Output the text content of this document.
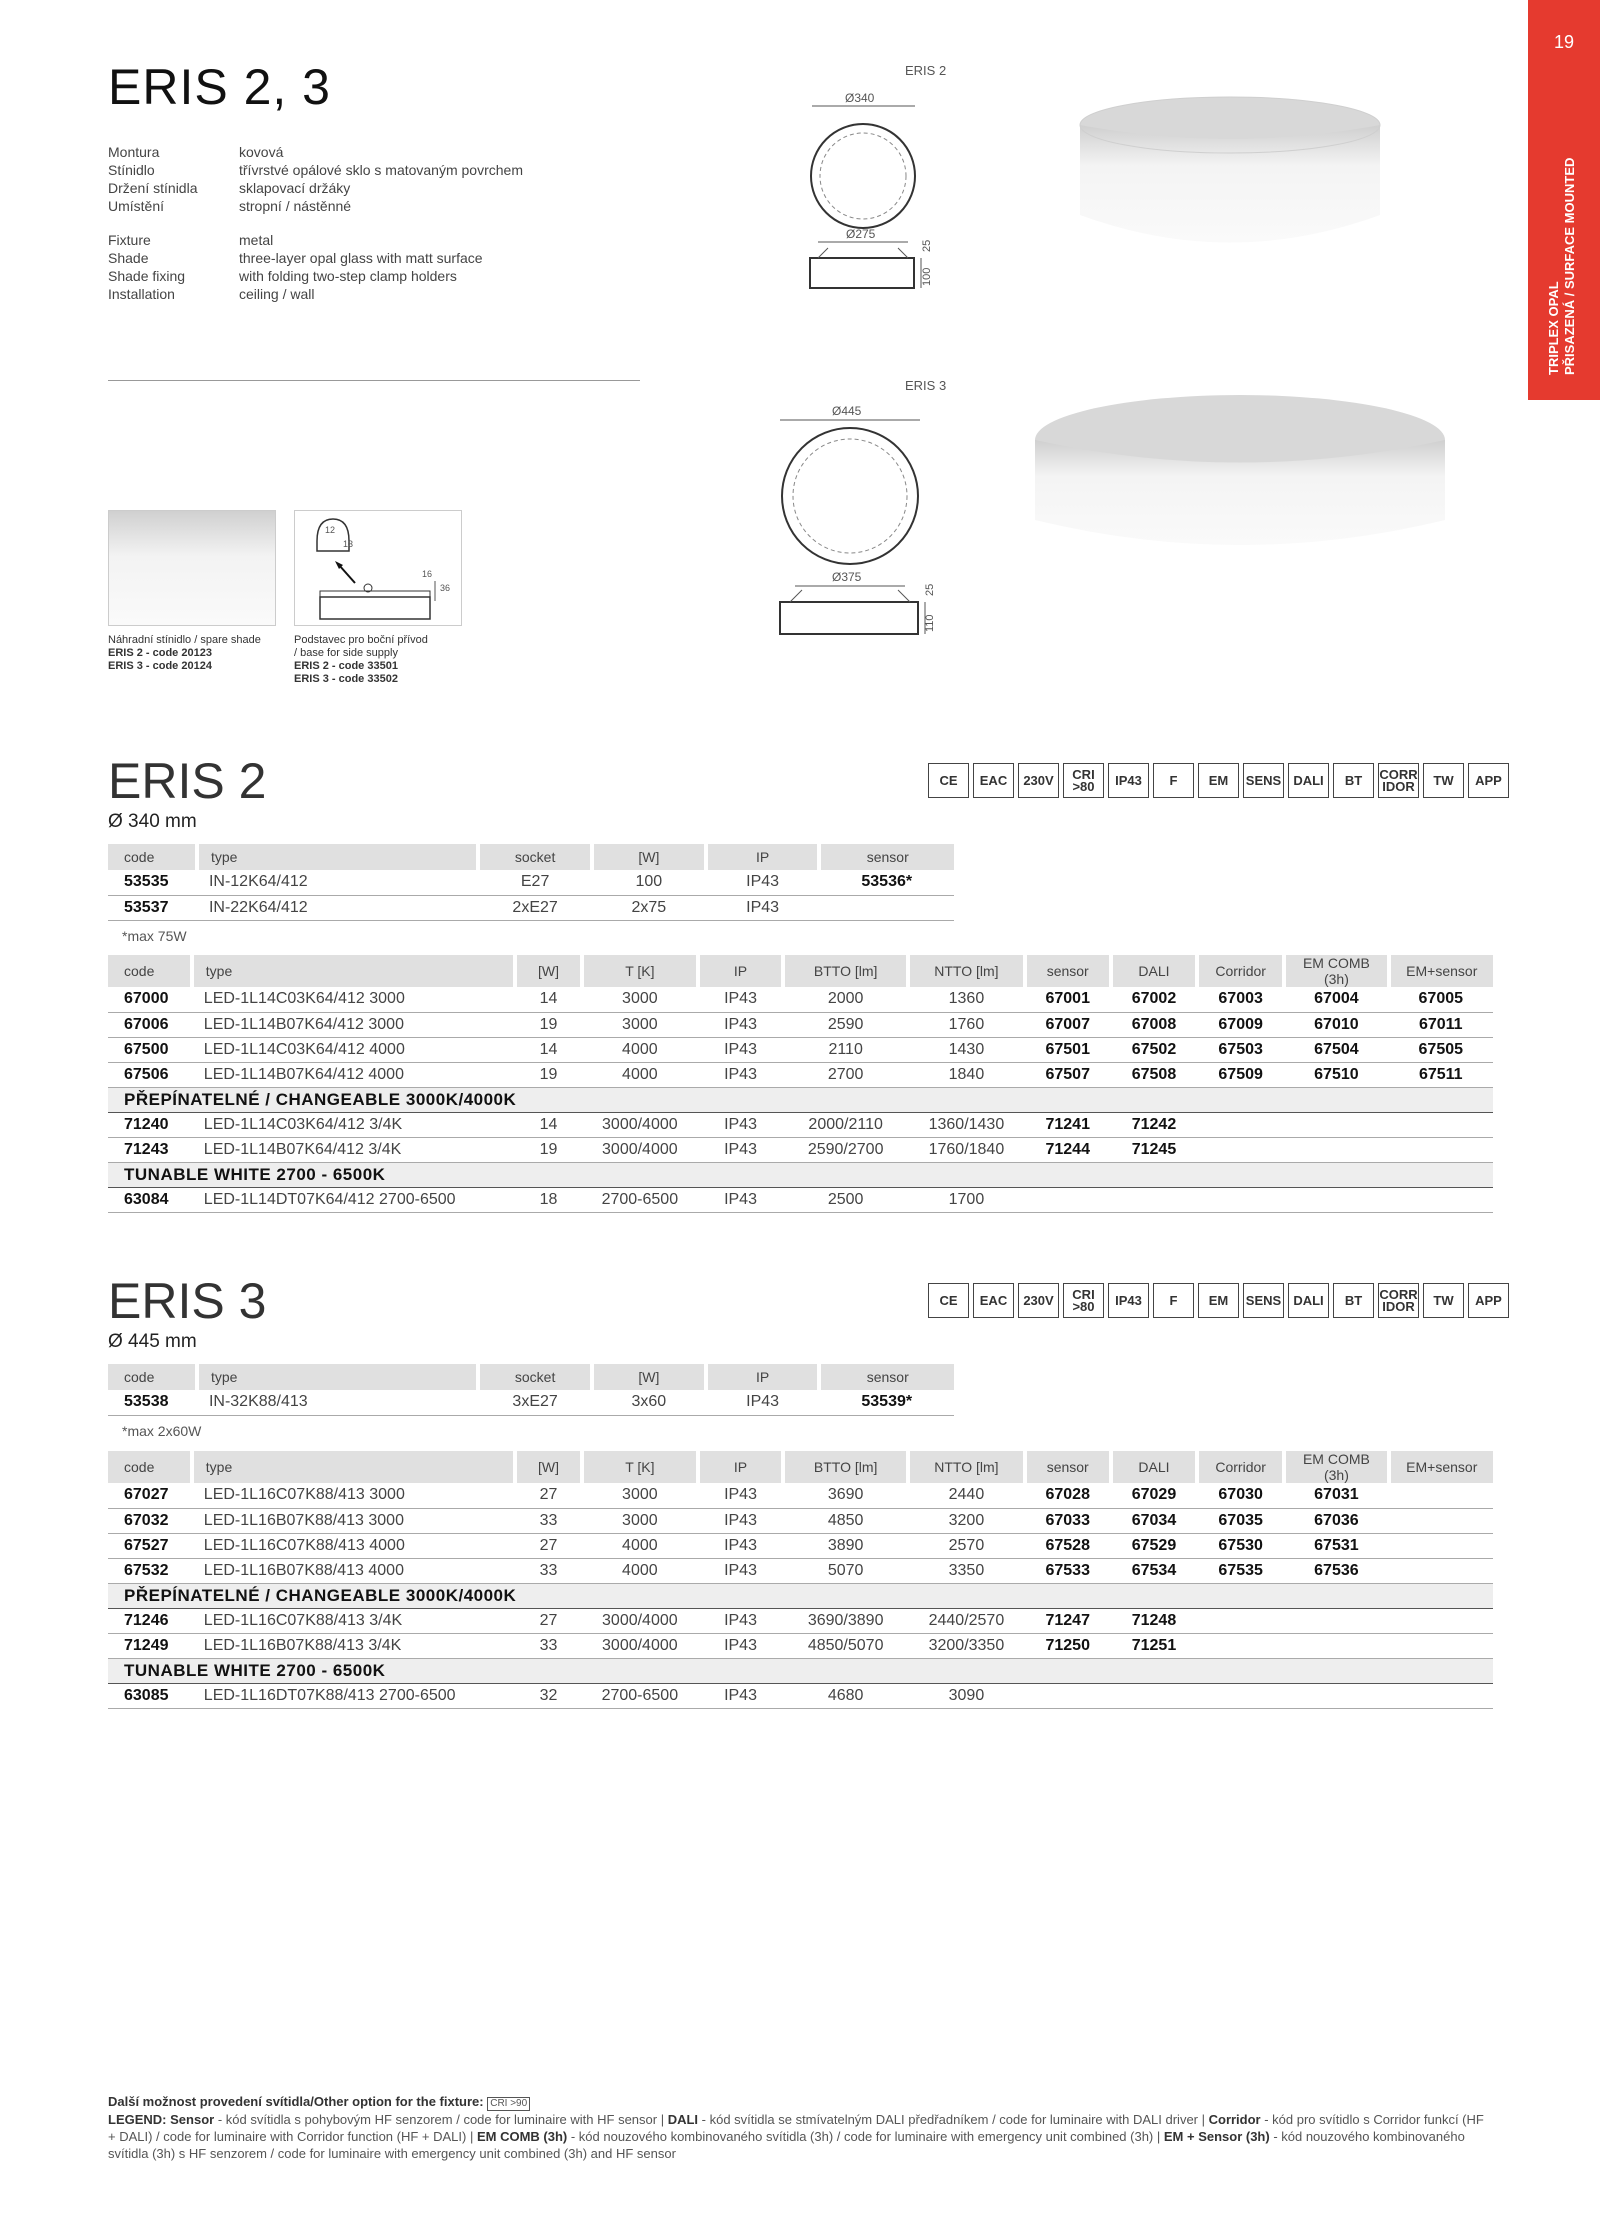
19
TRIPLEX OPAL PŘISAZENÁ / SURFACE MOUNTED
ERIS 2, 3
Montura	kovová
Stínidlo	třívrstvé opálové sklo s matovaným povrchem
Držení stínidla	sklapovací držáky
Umístění	stropní / nástěnné
Fixture	metal
Shade	three-layer opal glass with matt surface
Shade fixing	with folding two-step clamp holders
Installation	ceiling / wall
ERIS 2
Ø340
Ø275
100
25
ERIS 3
Ø445
Ø375
110
25
Náhradní stínidlo / spare shade
ERIS 2 - code 20123
ERIS 3 - code 20124
12
13
16
36
Podstavec pro boční přívod
/ base for side supply
ERIS 2 - code 33501
ERIS 3 - code 33502
ERIS 2
Ø 340 mm
CE	EAC	230V	CRI >80	IP43	F	EM	SENS DALI	BT	CORR IDOR	TW	APP
code	type	socket	[W]	IP	sensor
53535	IN-12K64/412	E27	100	IP43	53536*
53537	IN-22K64/412	2xE27	2x75	IP43	
*max 75W
code	type	[W]	T [K]	IP	BTTO [lm]	NTTO [lm]	sensor	DALI	Corridor	EM COMB (3h)	EM+sensor
67000	LED-1L14C03K64/412 3000	14	3000	IP43	2000	1360	67001	67002	67003	67004	67005
67006	LED-1L14B07K64/412 3000	19	3000	IP43	2590	1760	67007	67008	67009	67010	67011
67500	LED-1L14C03K64/412 4000	14	4000	IP43	2110	1430	67501	67502	67503	67504	67505
67506	LED-1L14B07K64/412 4000	19	4000	IP43	2700	1840	67507	67508	67509	67510	67511
PŘEPÍNATELNÉ / CHANGEABLE 3000K/4000K											
71240	LED-1L14C03K64/412 3/4K	14	3000/4000	IP43	2000/2110	1360/1430	71241	71242			
71243	LED-1L14B07K64/412 3/4K	19	3000/4000	IP43	2590/2700	1760/1840	71244	71245			
TUNABLE WHITE 2700 - 6500K											
63084	LED-1L14DT07K64/412 2700-6500	18	2700-6500	IP43	2500	1700					
ERIS 3
Ø 445 mm
CE	EAC	230V	CRI >80	IP43	F	EM	SENS DALI	BT	CORR IDOR	TW	APP
code	type	socket	[W]	IP	sensor
53538	IN-32K88/413	3xE27	3x60	IP43	53539*
*max 2x60W
code	type	[W]	T [K]	IP	BTTO [lm]	NTTO [lm]	sensor	DALI	Corridor	EM COMB (3h)	EM+sensor
67027	LED-1L16C07K88/413 3000	27	3000	IP43	3690	2440	67028	67029	67030	67031	
67032	LED-1L16B07K88/413 3000	33	3000	IP43	4850	3200	67033	67034	67035	67036	
67527	LED-1L16C07K88/413 4000	27	4000	IP43	3890	2570	67528	67529	67530	67531	
67532	LED-1L16B07K88/413 4000	33	4000	IP43	5070	3350	67533	67534	67535	67536	
PŘEPÍNATELNÉ / CHANGEABLE 3000K/4000K											
71246	LED-1L16C07K88/413 3/4K	27	3000/4000	IP43	3690/3890	2440/2570	71247	71248			
71249	LED-1L16B07K88/413 3/4K	33	3000/4000	IP43	4850/5070	3200/3350	71250	71251			
TUNABLE WHITE 2700 - 6500K											
63085	LED-1L16DT07K88/413 2700-6500	32	2700-6500	IP43	4680	3090					
Další možnost provedení svítidla/Other option for the fixture: CRI >90
LEGEND: Sensor - kód svítidla s pohybovým HF senzorem / code for luminaire with HF sensor | DALI - kód svítidla se stmívatelným DALI předřadníkem / code for luminaire with DALI driver | Corridor - kód pro svítidlo s Corridor funkcí (HF + DALI) / code for luminaire with Corridor function (HF + DALI) | EM COMB (3h) - kód nouzového kombinovaného svítidla (3h) / code for luminaire with emergency unit combined (3h) | EM + Sensor (3h) - kód nouzového kombinovaného svítidla (3h) s HF senzorem / code for luminaire with emergency unit combined (3h) and HF sensor
